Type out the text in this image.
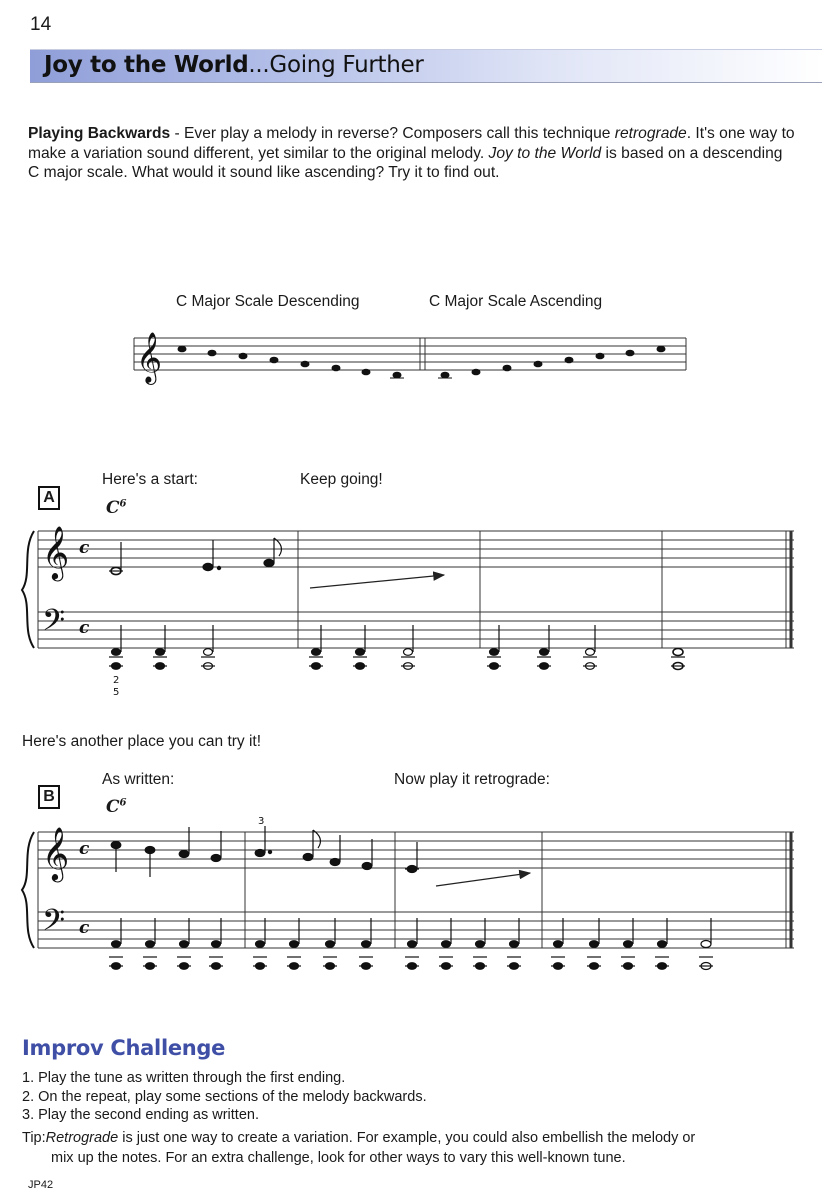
14
Joy to the World...Going Further
Playing Backwards - Ever play a melody in reverse? Composers call this technique retrograde. It's one way to make a variation sound different, yet similar to the original melody. Joy to the World is based on a descending C major scale. What would it sound like ascending? Try it to find out.
C Major Scale Descending	C Major Scale Ascending
A
Here's a start:	Keep going!
$C^6$
Here's another place you can try it!
B
As written:	Now play it retrograde:
$C^6$
𝄞
𝄞
𝄢
c
c
2
5
𝄞
𝄢
c
c
3
Improv Challenge
1. Play the tune as written through the first ending.
2. On the repeat, play some sections of the melody backwards.
3. Play the second ending as written.
Tip:Retrograde is just one way to create a variation. For example, you could also embellish the melody or
mix up the notes. For an extra challenge, look for other ways to vary this well-known tune.
JP42
